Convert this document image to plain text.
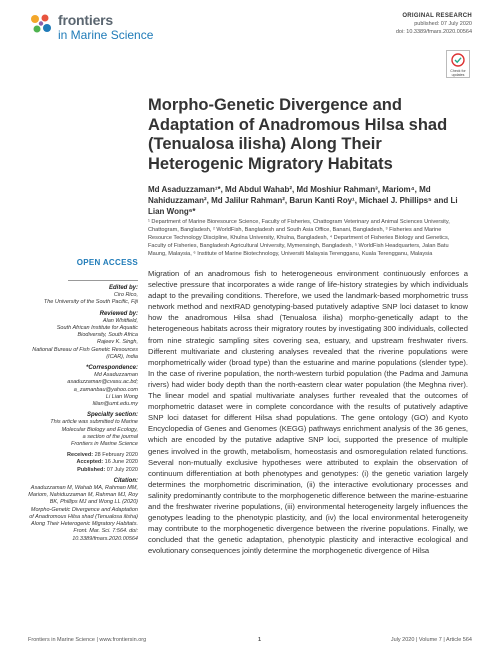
frontiers
in Marine Science
ORIGINAL RESEARCH
published: 07 July 2020
doi: 10.3389/fmars.2020.00564
Check for updates
Morpho-Genetic Divergence and Adaptation of Anadromous Hilsa shad (Tenualosa ilisha) Along Their Heterogenic Migratory Habitats
Md Asaduzzaman¹*, Md Abdul Wahab², Md Moshiur Rahman³, Mariom⁴, Md Nahiduzzaman², Md Jalilur Rahman², Barun Kanti Roy¹, Michael J. Phillips⁵ and Li Lian Wong⁶*
¹ Department of Marine Bioresource Science, Faculty of Fisheries, Chattogram Veterinary and Animal Sciences University, Chattogram, Bangladesh, ² WorldFish, Bangladesh and South Asia Office, Banani, Bangladesh, ³ Fisheries and Marine Resource Technology Discipline, Khulna University, Khulna, Bangladesh, ⁴ Department of Fisheries Biology and Genetics, Faculty of Fisheries, Bangladesh Agricultural University, Mymensingh, Bangladesh, ⁵ WorldFish Headquarters, Jalan Batu Maung, Malaysia, ⁶ Institute of Marine Biotechnology, Universiti Malaysia Terengganu, Kuala Terengganu, Malaysia
OPEN ACCESS
Edited by:

Ciro Rico,
The University of the South Pacific, Fiji

Reviewed by:

Alan Whitfield,
South African Institute for Aquatic Biodiversity, South Africa
Rajeev K. Singh,
National Bureau of Fish Genetic Resources (ICAR), India

*Correspondence:

Md Asaduzzaman
asaduzzaman@cvasu.ac.bd;
a_zamanbau@yahoo.com
Li Lian Wong
lilian@umt.edu.my

Specialty section:

This article was submitted to Marine Molecular Biology and Ecology,
a section of the journal
Frontiers in Marine Science

Received: 28 February 2020
Accepted: 16 June 2020
Published: 07 July 2020
Citation:

Asaduzzaman M, Wahab MA, Rahman MM, Mariom, Nahiduzzaman M, Rahman MJ, Roy BK, Phillips MJ and Wong LL (2020) Morpho-Genetic Divergence and Adaptation of Anadromous Hilsa shad (Tenualosa ilisha) Along Their Heterogenic Migratory Habitats. Front. Mar. Sci. 7:564. doi: 10.3389/fmars.2020.00564

Migration of an anadromous fish to heterogeneous environment continuously enforces a selective pressure that incorporates a wide range of life-history strategies by which individuals adapt to the prevailing conditions. Therefore, we used the landmark-based morphometric truss network method and nextRAD genotyping-based putatively adaptive SNP loci dataset to know how the anadromous Hilsa shad (Tenualosa ilisha) morpho-genetically adapt to the heterogeneous habitats across their migratory routes by investigating 300 individuals, collected from nine strategic sampling sites covering sea, estuary, and upstream freshwater rivers. Different multivariate and clustering analyses revealed that the riverine populations were morphometrically wider (broad type) than the estuarine and marine populations (slender type). In the case of riverine population, the north-western turbid population (the Padma and Jamuna rivers) had wider body depth than the north-eastern clear water population (the Meghna river). The linear model and spatial multivariate analyses further revealed that the outcomes of morphometric dataset were in complete concordance with the results of putatively adaptive SNP loci dataset for different Hilsa shad populations. The gene ontology (GO) and Kyoto Encyclopedia of Genes and Genomes (KEGG) pathways enrichment analysis of the 36 genes, which are encoded by the putative adaptive SNP loci, supported the presence of multiple genes involved in the growth, metabolism, homeostasis and osmoregulation related functions. Several non-mutually exclusive hypotheses were attributed to explain the observation of continuum differentiation at both phenotypes and genotypes: (i) the genetic variation largely determines the morphometric discrimination, (ii) the interactive evolutionary processes and salinity predominantly contribute to the morphogenetic difference between the marine-estuarine and the freshwater riverine populations, (iii) environmental heterogeneity largely influences the genotypes leading to the phenotypic plasticity, and (iv) the local environmental heterogeneity may contribute to the morphogenetic divergence between the riverine populations. Finally, we concluded that the genetic adaptation, phenotypic plasticity and interactive ecological and evolutionary consequences jointly determine the morphogenetic divergence of Hilsa
Frontiers in Marine Science | www.frontiersin.org	1	July 2020 | Volume 7 | Article 564
